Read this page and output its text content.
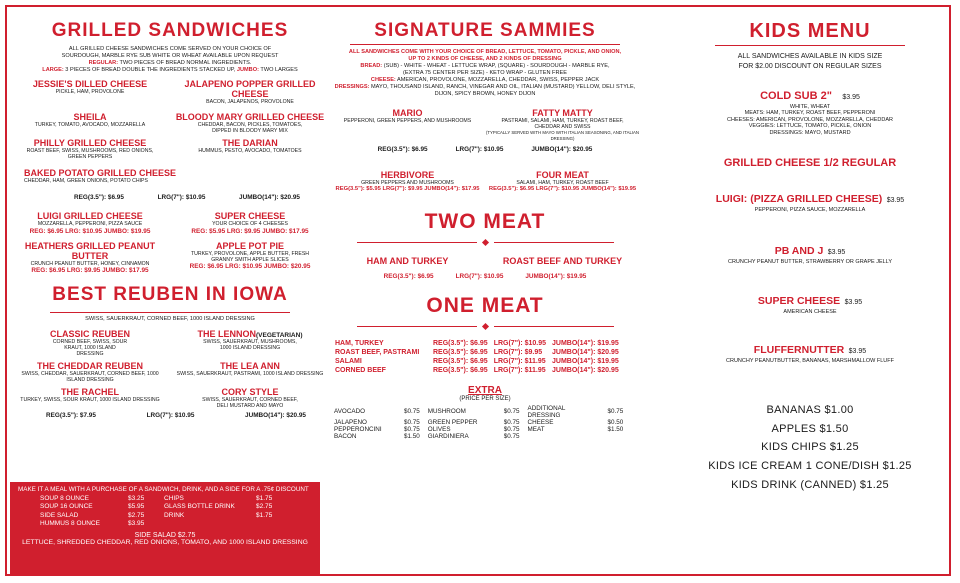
GRILLED SANDWICHES
ALL GRILLED CHEESE SANDWICHES COME SERVED ON YOUR CHOICE OF
SOURDOUGH, MARBLE RYE SUB WHITE OR WHEAT AVAILABLE UPON REQUEST
REGULAR: TWO PIECES OF BREAD NORMAL INGREDIENTS.
LARGE: 3 PIECES OF BREAD DOUBLE THE INGREDIENTS STACKED UP, JUMBO: TWO LARGES
JESSIE'S DILLED CHEESE
PICKLE, HAM, PROVOLONE
JALAPENO POPPER GRILLED CHEESE
BACON, JALAPENOS, PROVOLONE
SHEILA
TURKEY, TOMATO, AVOCADO, MOZZARELLA
BLOODY MARY GRILLED CHEESE
CHEDDAR, BACON, PICKLES, TOMATOES, DIPPED IN BLOODY MARY MIX
PHILLY GRILLED CHEESE
ROAST BEEF, SWISS, MUSHROOMS, RED ONIONS, GREEN PEPPERS
THE DARIAN
HUMMUS, PESTO, AVOCADO, TOMATOES
BAKED POTATO GRILLED CHEESE
CHEDDAR, HAM, GREEN ONIONS, POTATO CHIPS
REG(3.5"): $6.95	LRG(7"): $10.95	JUMBO(14"): $20.95
LUIGI GRILLED CHEESE
MOZZARELLA, PEPPERONI, PIZZA SAUCE
REG: $6.95 LRG: $10.95 JUMBO: $19.95
SUPER CHEESE
YOUR CHOICE OF 4 CHEESES
REG: $5.95 LRG: $9.95 JUMBO: $17.95
HEATHERS GRILLED PEANUT BUTTER
CRUNCH PEANUT BUTTER, HONEY, CINNAMON
REG: $6.95 LRG: $9.95 JUMBO: $17.95
APPLE POT PIE
TURKEY, PROVOLONE, APPLE BUTTER, FRESH GRANNY SMITH APPLE SLICES
REG: $6.95 LRG: $10.95 JUMBO: $20.95
BEST REUBEN IN IOWA
SWISS, SAUERKRAUT, CORNED BEEF, 1000 ISLAND DRESSING
CLASSIC REUBEN
CORNED BEEF, SWISS, SOUR KRAUT, 1000 ISLAND DRESSING
THE LENNON(VEGETARIAN)
SWISS, SAUERKRAUT, MUSHROOMS, 1000 ISLAND DRESSING
THE CHEDDAR REUBEN
SWISS, CHEDDAR, SAUERKRAUT, CORNED BEEF, 1000 ISLAND DRESSING
THE LEA ANN
SWISS, SAUERKRAUT, PASTRAMI, 1000 ISLAND DRESSING
THE RACHEL
TURKEY, SWISS, SOUR KRAUT, 1000 ISLAND DRESSING
CORY STYLE
SWISS, SAUERKRAUT, CORNED BEEF, DELI MUSTARD AND MAYO
REG(3.5"): $7.95	LRG(7"): $10.95	JUMBO(14"): $20.95
MAKE IT A MEAL WITH A PURCHASE OF A SANDWICH, DRINK, AND A SIDE FOR A .75¢ DISCOUNT
SOUP 8 OUNCE	$3.25	CHIPS	$1.75
SOUP 16 OUNCE	$5.95	GLASS BOTTLE DRINK	$2.75
SIDE SALAD	$2.75	DRINK	$1.75
HUMMUS 8 OUNCE	$3.95		
SIDE SALAD $2.75
LETTUCE, SHREDDED CHEDDAR, RED ONIONS, TOMATO, AND 1000 ISLAND DRESSING
SIGNATURE SAMMIES
ALL SANDWICHES COME WITH YOUR CHOICE OF BREAD, LETTUCE, TOMATO, PICKLE, AND ONION,
UP TO 2 KINDS OF CHEESE, AND 2 KINDS OF DRESSING
BREAD: (SUB) - WHITE - WHEAT - LETTUCE WRAP, (SQUARE) - SOURDOUGH - MARBLE RYE,
(EXTRA 75 CENTER PER SIZE) - KETO WRAP - GLUTEN FREE
CHEESE: AMERICAN, PROVOLONE, MOZZARELLA, CHEDDAR, SWISS, PEPPER JACK
DRESSINGS: MAYO, THOUSAND ISLAND, RANCH, VINEGAR AND OIL, ITALIAN (MUSTARD) YELLOW, DELI STYLE,
DIJON, SPICY BROWN, HONEY DIJON
MARIO
PEPPERONI, GREEN PEPPERS, AND MUSHROOMS
FATTY MATTY
PASTRAMI, SALAMI, HAM, TURKEY, ROAST BEEF, CHEDDAR AND SWISS
(TYPICALLY SERVED WITH MAYO WITH ITALIAN SEASONING, AND ITALIAN DRESSING)
REG(3.5"): $6.95	LRG(7"): $10.95	JUMBO(14"): $20.95
HERBIVORE
GREEN PEPPERS AND MUSHROOMS
REG(3.5"): $5.95 LRG(7"): $9.95 JUMBO(14"): $17.95
FOUR MEAT
SALAMI, HAM, TURKEY, ROAST BEEF
REG(3.5"): $6.95 LRG(7"): $10.95 JUMBO(14"): $19.95
TWO MEAT
HAM AND TURKEY	ROAST BEEF AND TURKEY
REG(3.5"): $6.95	LRG(7"): $10.95	JUMBO(14"): $19.95
ONE MEAT
HAM, TURKEY	REG(3.5"): $6.95	LRG(7"): $10.95	JUMBO(14"): $19.95
ROAST BEEF, PASTRAMI	REG(3.5"): $6.95	LRG(7"): $9.95	JUMBO(14"): $20.95
SALAMI	REG(3.5"): $6.95	LRG(7"): $11.95	JUMBO(14"): $19.95
CORNED BEEF	REG(3.5"): $6.95	LRG(7"): $11.95	JUMBO(14"): $20.95
EXTRA
(PRICE PER SIZE)
AVOCADO	$0.75	MUSHROOM	$0.75	ADDITIONAL DRESSING	$0.75
JALAPENO	$0.75	GREEN PEPPER	$0.75	CHEESE	$0.50
PEPPERONCINI	$0.75	OLIVES	$0.75	MEAT	$1.50
BACON	$1.50	GIARDINIERA	$0.75		
KIDS MENU
ALL SANDWICHES AVAILABLE IN KIDS SIZE
FOR $2.00 DISCOUNT ON REGULAR SIZES
COLD SUB 2" $3.95
WHITE, WHEAT
MEATS: HAM, TURKEY, ROAST BEEF, PEPPERONI
CHEESES: AMERICAN, PROVOLONE, MOZZARELLA, CHEDDAR
VEGGIES: LETTUCE, TOMATO, PICKLE, ONION
DRESSINGS: MAYO, MUSTARD
GRILLED CHEESE 1/2 REGULAR
LUIGI: (PIZZA GRILLED CHEESE) $3.95
PEPPERONI, PIZZA SAUCE, MOZZARELLA
PB AND J $3.95
CRUNCHY PEANUT BUTTER, STRAWBERRY OR GRAPE JELLY
SUPER CHEESE $3.95
AMERICAN CHEESE
FLUFFERNUTTER $3.95
CRUNCHY PEANUTBUTTER, BANANAS, MARSHMALLOW FLUFF
BANANAS $1.00
APPLES $1.50
KIDS CHIPS $1.25
KIDS ICE CREAM 1 CONE/DISH $1.25
KIDS DRINK (CANNED) $1.25
